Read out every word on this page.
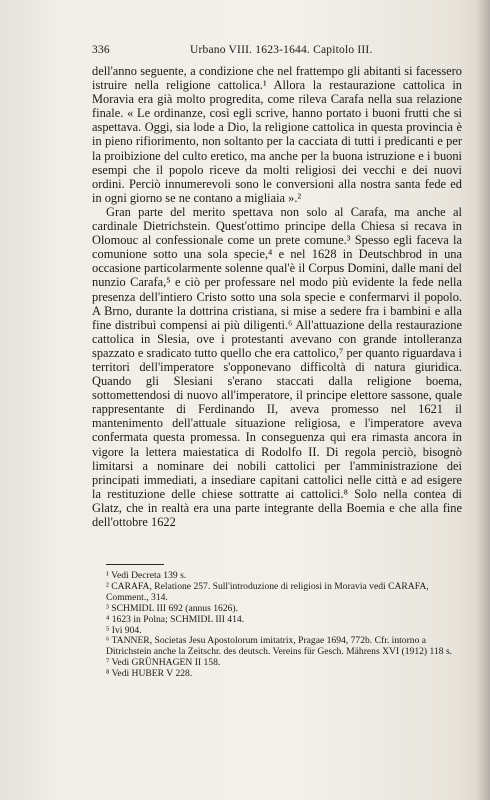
336	Urbano VIII. 1623-1644. Capitolo III.

dell'anno seguente, a condizione che nel frattempo gli abitanti si facessero istruire nella religione cattolica.¹ Allora la restaurazione cattolica in Moravia era già molto progredita, come rileva Carafa nella sua relazione finale. « Le ordinanze, così egli scrive, hanno portato i buoni frutti che si aspettava. Oggi, sia lode a Dio, la religione cattolica in questa provincia è in pieno rifiorimento, non soltanto per la cacciata di tutti i predicanti e per la proibizione del culto eretico, ma anche per la buona istruzione e i buoni esempi che il popolo riceve da molti religiosi dei vecchi e dei nuovi ordini. Perciò innumerevoli sono le conversioni alla nostra santa fede ed in ogni giorno se ne contano a migliaia ».²

Gran parte del merito spettava non solo al Carafa, ma anche al cardinale Dietrichstein. Quest'ottimo principe della Chiesa si recava in Olomouc al confessionale come un prete comune.³ Spesso egli faceva la comunione sotto una sola specie,⁴ e nel 1628 in Deutschbrod in una occasione particolarmente solenne qual'è il Corpus Domini, dalle mani del nunzio Carafa,⁵ e ciò per professare nel modo più evidente la fede nella presenza dell'intiero Cristo sotto una sola specie e confermarvi il popolo. A Brno, durante la dottrina cristiana, si mise a sedere fra i bambini e alla fine distribuì compensi ai più diligenti.⁶ All'attuazione della restaurazione cattolica in Slesia, ove i protestanti avevano con grande intolleranza spazzato e sradicato tutto quello che era cattolico,⁷ per quanto riguardava i territori dell'imperatore s'opponevano difficoltà di natura giuridica. Quando gli Slesiani s'erano staccati dalla religione boema, sottomettendosi di nuovo all'imperatore, il principe elettore sassone, quale rappresentante di Ferdinando II, aveva promesso nel 1621 il mantenimento dell'attuale situazione religiosa, e l'imperatore aveva confermata questa promessa. In conseguenza qui era rimasta ancora in vigore la lettera maiestatica di Rodolfo II. Di regola perciò, bisognò limitarsi a nominare dei nobili cattolici per l'amministrazione dei principati immediati, a insediare capitani cattolici nelle città e ad esigere la restituzione delle chiese sottratte ai cattolici.⁸ Solo nella contea di Glatz, che in realtà era una parte integrante della Boemia e che alla fine dell'ottobre 1622

¹ Vedi Decreta 139 s.

² CARAFA, Relatione 257. Sull'introduzione di religiosi in Moravia vedi CARAFA, Comment., 314.

³ SCHMIDL III 692 (annus 1626).

⁴ 1623 in Polna; SCHMIDL III 414.

⁵ Ivi 904.

⁶ TANNER, Societas Jesu Apostolorum imitatrix, Pragae 1694, 772b. Cfr. intorno a Ditrichstein anche la Zeitschr. des deutsch. Vereins für Gesch. Mährens XVI (1912) 118 s.

⁷ Vedi GRÜNHAGEN II 158.

⁸ Vedi HUBER V 228.
